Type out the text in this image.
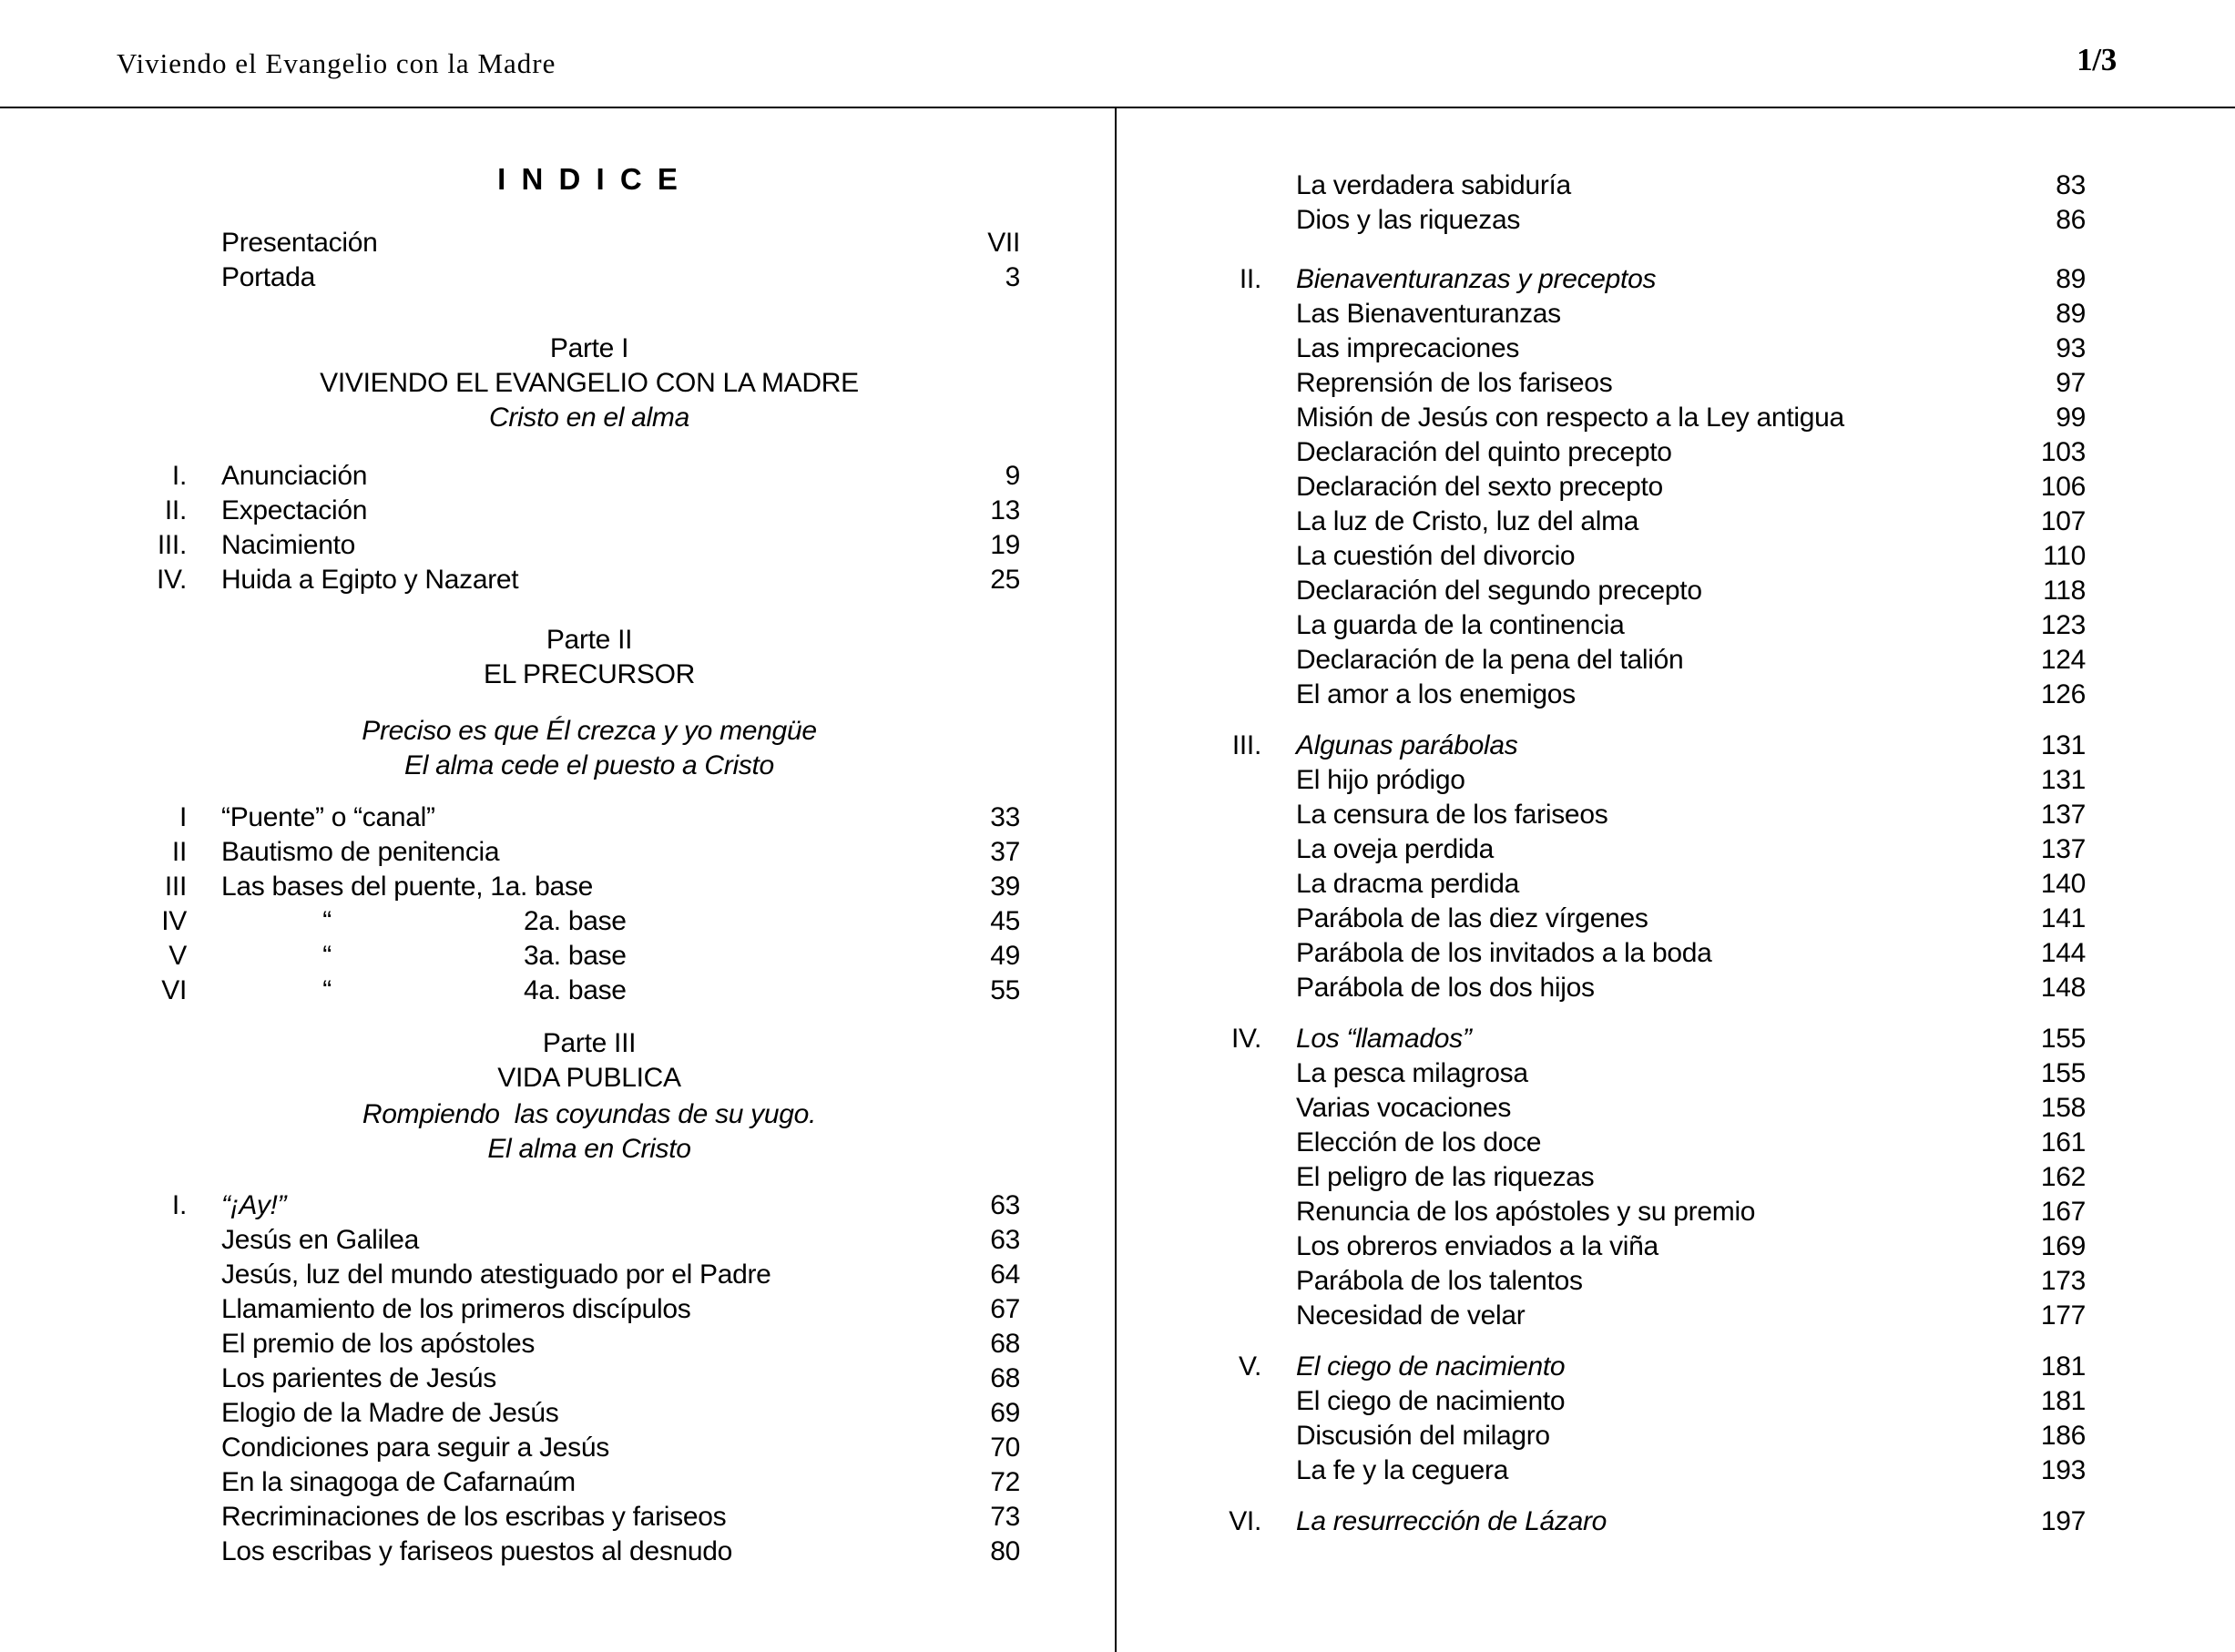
Viviendo el Evangelio con la Madre	1/3
I N D I C E
Presentación	VII
Portada	3
Parte I
VIVIENDO EL EVANGELIO CON LA MADRE
Cristo en el alma
I.	Anunciación	9
II.	Expectación	13
III.	Nacimiento	19
IV.	Huida a Egipto y Nazaret	25
Parte II
EL PRECURSOR
Preciso es que Él crezca y yo mengüe
El alma cede el puesto a Cristo
I	“Puente” o “canal”	33
II	Bautismo de penitencia	37
III	Las bases del puente, 1a. base	39
IV	“	2a. base	45
V	“	3a. base	49
VI	“	4a. base	55
Parte III
VIDA PUBLICA
Rompiendo  las coyundas de su yugo.
El alma en Cristo
I.	“¡Ay!”	63
Jesús en Galilea	63
Jesús, luz del mundo atestiguado por el Padre	64
Llamamiento de los primeros discípulos	67
El premio de los apóstoles	68
Los parientes de Jesús	68
Elogio de la Madre de Jesús	69
Condiciones para seguir a Jesús	70
En la sinagoga de Cafarnaúm	72
Recriminaciones de los escribas y fariseos	73
Los escribas y fariseos puestos al desnudo	80
La verdadera sabiduría	83
Dios y las riquezas	86
II.	Bienaventuranzas y preceptos	89
Las Bienaventuranzas	89
Las imprecaciones	93
Reprensión de los fariseos	97
Misión de Jesús con respecto a la Ley antigua	99
Declaración del quinto precepto	103
Declaración del sexto precepto	106
La luz de Cristo, luz del alma	107
La cuestión del divorcio	110
Declaración del segundo precepto	118
La guarda de la continencia	123
Declaración de la pena del talión	124
El amor a los enemigos	126
III.	Algunas parábolas	131
El hijo pródigo	131
La censura de los fariseos	137
La oveja perdida	137
La dracma perdida	140
Parábola de las diez vírgenes	141
Parábola de los invitados a la boda	144
Parábola de los dos hijos	148
IV.	Los “llamados”	155
La pesca milagrosa	155
Varias vocaciones	158
Elección de los doce	161
El peligro de las riquezas	162
Renuncia de los apóstoles y su premio	167
Los obreros enviados a la viña	169
Parábola de los talentos	173
Necesidad de velar	177
V.	El ciego de nacimiento	181
El ciego de nacimiento	181
Discusión del milagro	186
La fe y la ceguera	193
VI.	La resurrección de Lázaro	197
